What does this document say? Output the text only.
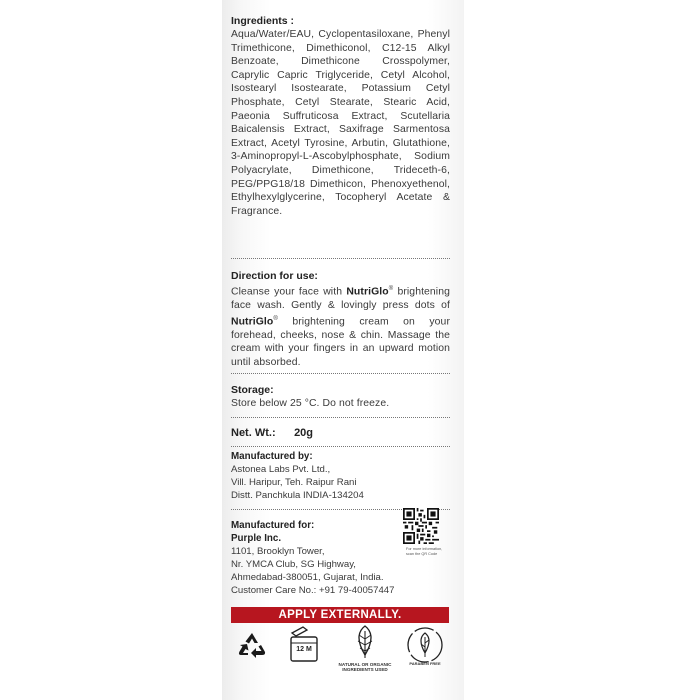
Ingredients :
Aqua/Water/EAU, Cyclopentasiloxane, Phenyl Trimethicone, Dimethiconol, C12-15 Alkyl Benzoate, Dimethicone Crosspolymer, Caprylic Capric Triglyceride, Cetyl Alcohol, Isostearyl Isostearate, Potassium Cetyl Phosphate, Cetyl Stearate, Stearic Acid, Paeonia Suffruticosa Extract, Scutellaria Baicalensis Extract, Saxifrage Sarmentosa Extract, Acetyl Tyrosine, Arbutin, Glutathione, 3-Aminopropyl-L-Ascobylphosphate, Sodium Polyacrylate, Dimethicone, Trideceth-6, PEG/PPG18/18 Dimethicon, Phenoxyethenol, Ethylhexylglycerine, Tocopheryl Acetate & Fragrance.
Direction for use:
Cleanse your face with NutriGlo® brightening face wash. Gently & lovingly press dots of NutriGlo® brightening cream on your forehead, cheeks, nose & chin. Massage the cream with your fingers in an upward motion until absorbed.
Storage:
Store below 25 °C. Do not freeze.
Net. Wt.: 20g
Manufactured by:
Astonea Labs Pvt. Ltd.,
Vill. Haripur, Teh. Raipur Rani
Distt. Panchkula INDIA-134204
Manufactured for:
Purple Inc.
1101, Brooklyn Tower,
Nr. YMCA Club, SG Highway,
Ahmedabad-380051, Gujarat, India.
Customer Care No.: +91 79-40057447
For more information, scan the QR Code
APPLY EXTERNALLY.
12 M
NATURAL OR ORGANIC INGREDIENTS USED
PARABEN FREE
